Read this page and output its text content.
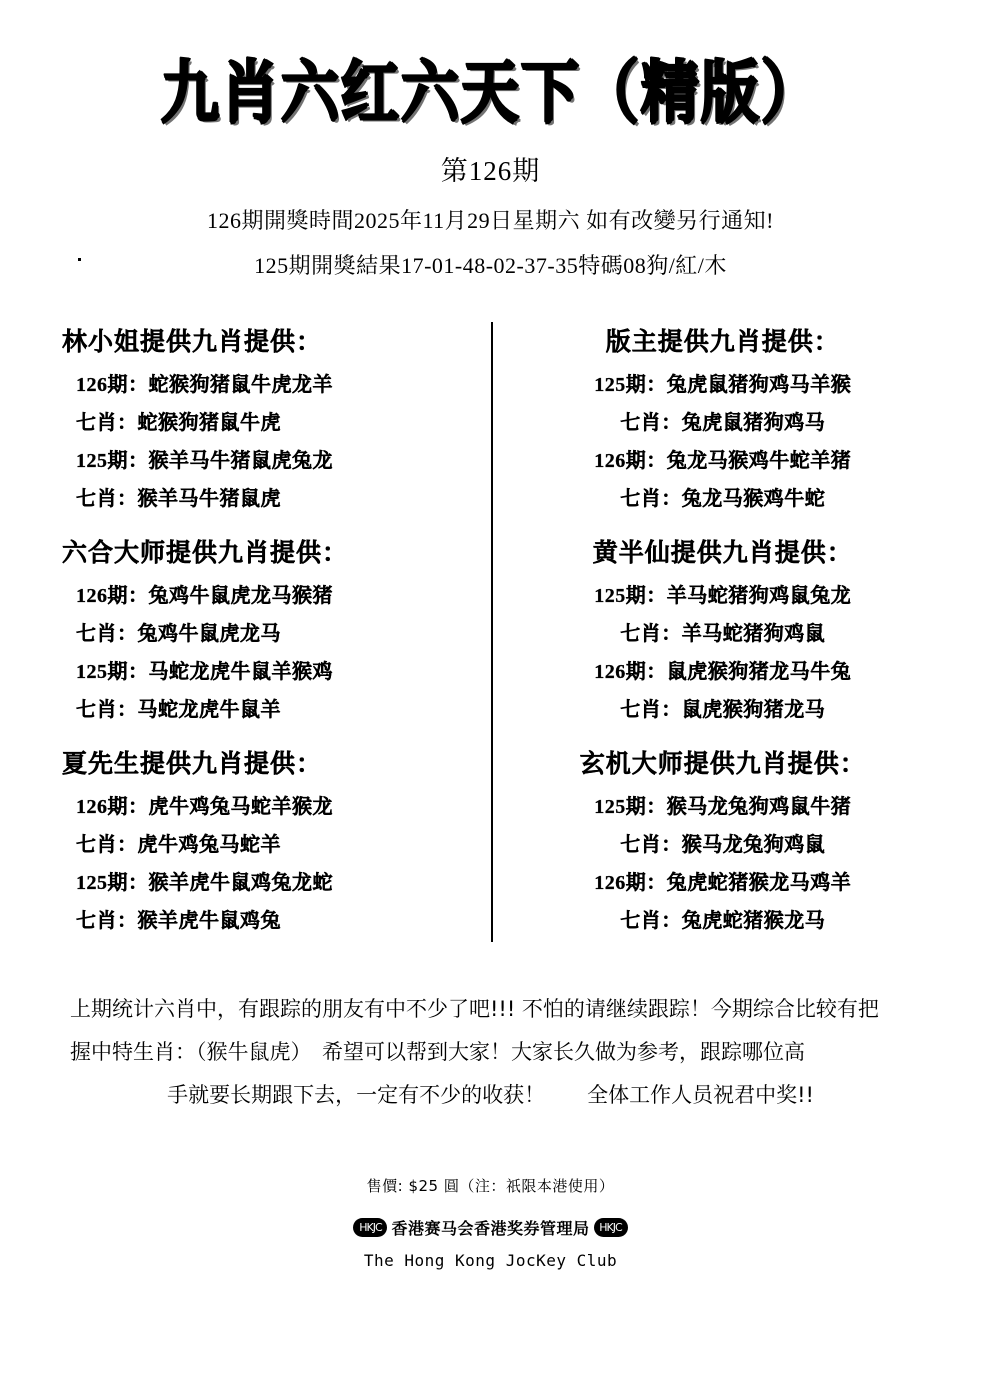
九肖六红六天下（精版）
第126期
126期開獎時間2025年11月29日星期六 如有改變另行通知!
125期開獎結果17-01-48-02-37-35特碼08狗/紅/木
林小姐提供九肖提供：
126期：蛇猴狗猪鼠牛虎龙羊
七肖：蛇猴狗猪鼠牛虎
125期：猴羊马牛猪鼠虎兔龙
七肖：猴羊马牛猪鼠虎
六合大师提供九肖提供：
126期：兔鸡牛鼠虎龙马猴猪
七肖：兔鸡牛鼠虎龙马
125期：马蛇龙虎牛鼠羊猴鸡
七肖：马蛇龙虎牛鼠羊
夏先生提供九肖提供：
126期：虎牛鸡兔马蛇羊猴龙
七肖：虎牛鸡兔马蛇羊
125期：猴羊虎牛鼠鸡兔龙蛇
七肖：猴羊虎牛鼠鸡兔
版主提供九肖提供：
125期：兔虎鼠猪狗鸡马羊猴
七肖：兔虎鼠猪狗鸡马
126期：兔龙马猴鸡牛蛇羊猪
七肖：兔龙马猴鸡牛蛇
黄半仙提供九肖提供：
125期：羊马蛇猪狗鸡鼠兔龙
七肖：羊马蛇猪狗鸡鼠
126期：鼠虎猴狗猪龙马牛兔
七肖：鼠虎猴狗猪龙马
玄机大师提供九肖提供：
125期：猴马龙兔狗鸡鼠牛猪
七肖：猴马龙兔狗鸡鼠
126期：兔虎蛇猪猴龙马鸡羊
七肖：兔虎蛇猪猴龙马
上期统计六肖中，有跟踪的朋友有中不少了吧!!! 不怕的请继续跟踪！今期综合比较有把
握中特生肖：（猴牛鼠虎）　希望可以帮到大家！大家长久做为参考，跟踪哪位高
手就要长期跟下去，一定有不少的收获！　　全体工作人员祝君中奖!!
售價: $25 圓（注：祇限本港使用）
HKJC 香港赛马会香港奖券管理局 HKJC
The Hong Kong JocKey Club
